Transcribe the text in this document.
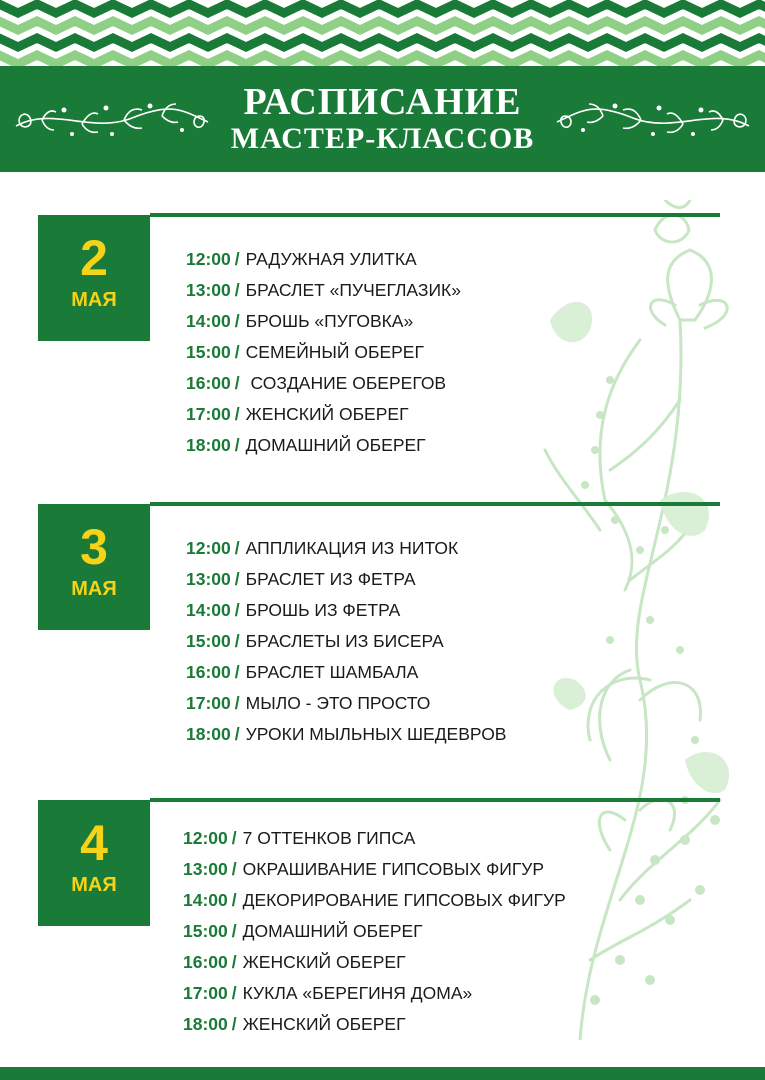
РАСПИСАНИЕ
МАСТЕР-КЛАССОВ
2
МАЯ
12:00 / РАДУЖНАЯ УЛИТКА
13:00 / БРАСЛЕТ «ПУЧЕГЛАЗИК»
14:00 / БРОШЬ «ПУГОВКА»
15:00 / СЕМЕЙНЫЙ ОБЕРЕГ
16:00 / СОЗДАНИЕ ОБЕРЕГОВ
17:00 / ЖЕНСКИЙ ОБЕРЕГ
18:00 / ДОМАШНИЙ ОБЕРЕГ
3
МАЯ
12:00 / АППЛИКАЦИЯ ИЗ НИТОК
13:00 / БРАСЛЕТ ИЗ ФЕТРА
14:00 / БРОШЬ ИЗ ФЕТРА
15:00 / БРАСЛЕТЫ ИЗ БИСЕРА
16:00 / БРАСЛЕТ ШАМБАЛА
17:00 / МЫЛО - ЭТО ПРОСТО
18:00 / УРОКИ МЫЛЬНЫХ ШЕДЕВРОВ
4
МАЯ
12:00 / 7 ОТТЕНКОВ ГИПСА
13:00 / ОКРАШИВАНИЕ ГИПСОВЫХ ФИГУР
14:00 / ДЕКОРИРОВАНИЕ ГИПСОВЫХ ФИГУР
15:00 / ДОМАШНИЙ ОБЕРЕГ
16:00 / ЖЕНСКИЙ ОБЕРЕГ
17:00 / КУКЛА «БЕРЕГИНЯ ДОМА»
18:00 / ЖЕНСКИЙ ОБЕРЕГ
